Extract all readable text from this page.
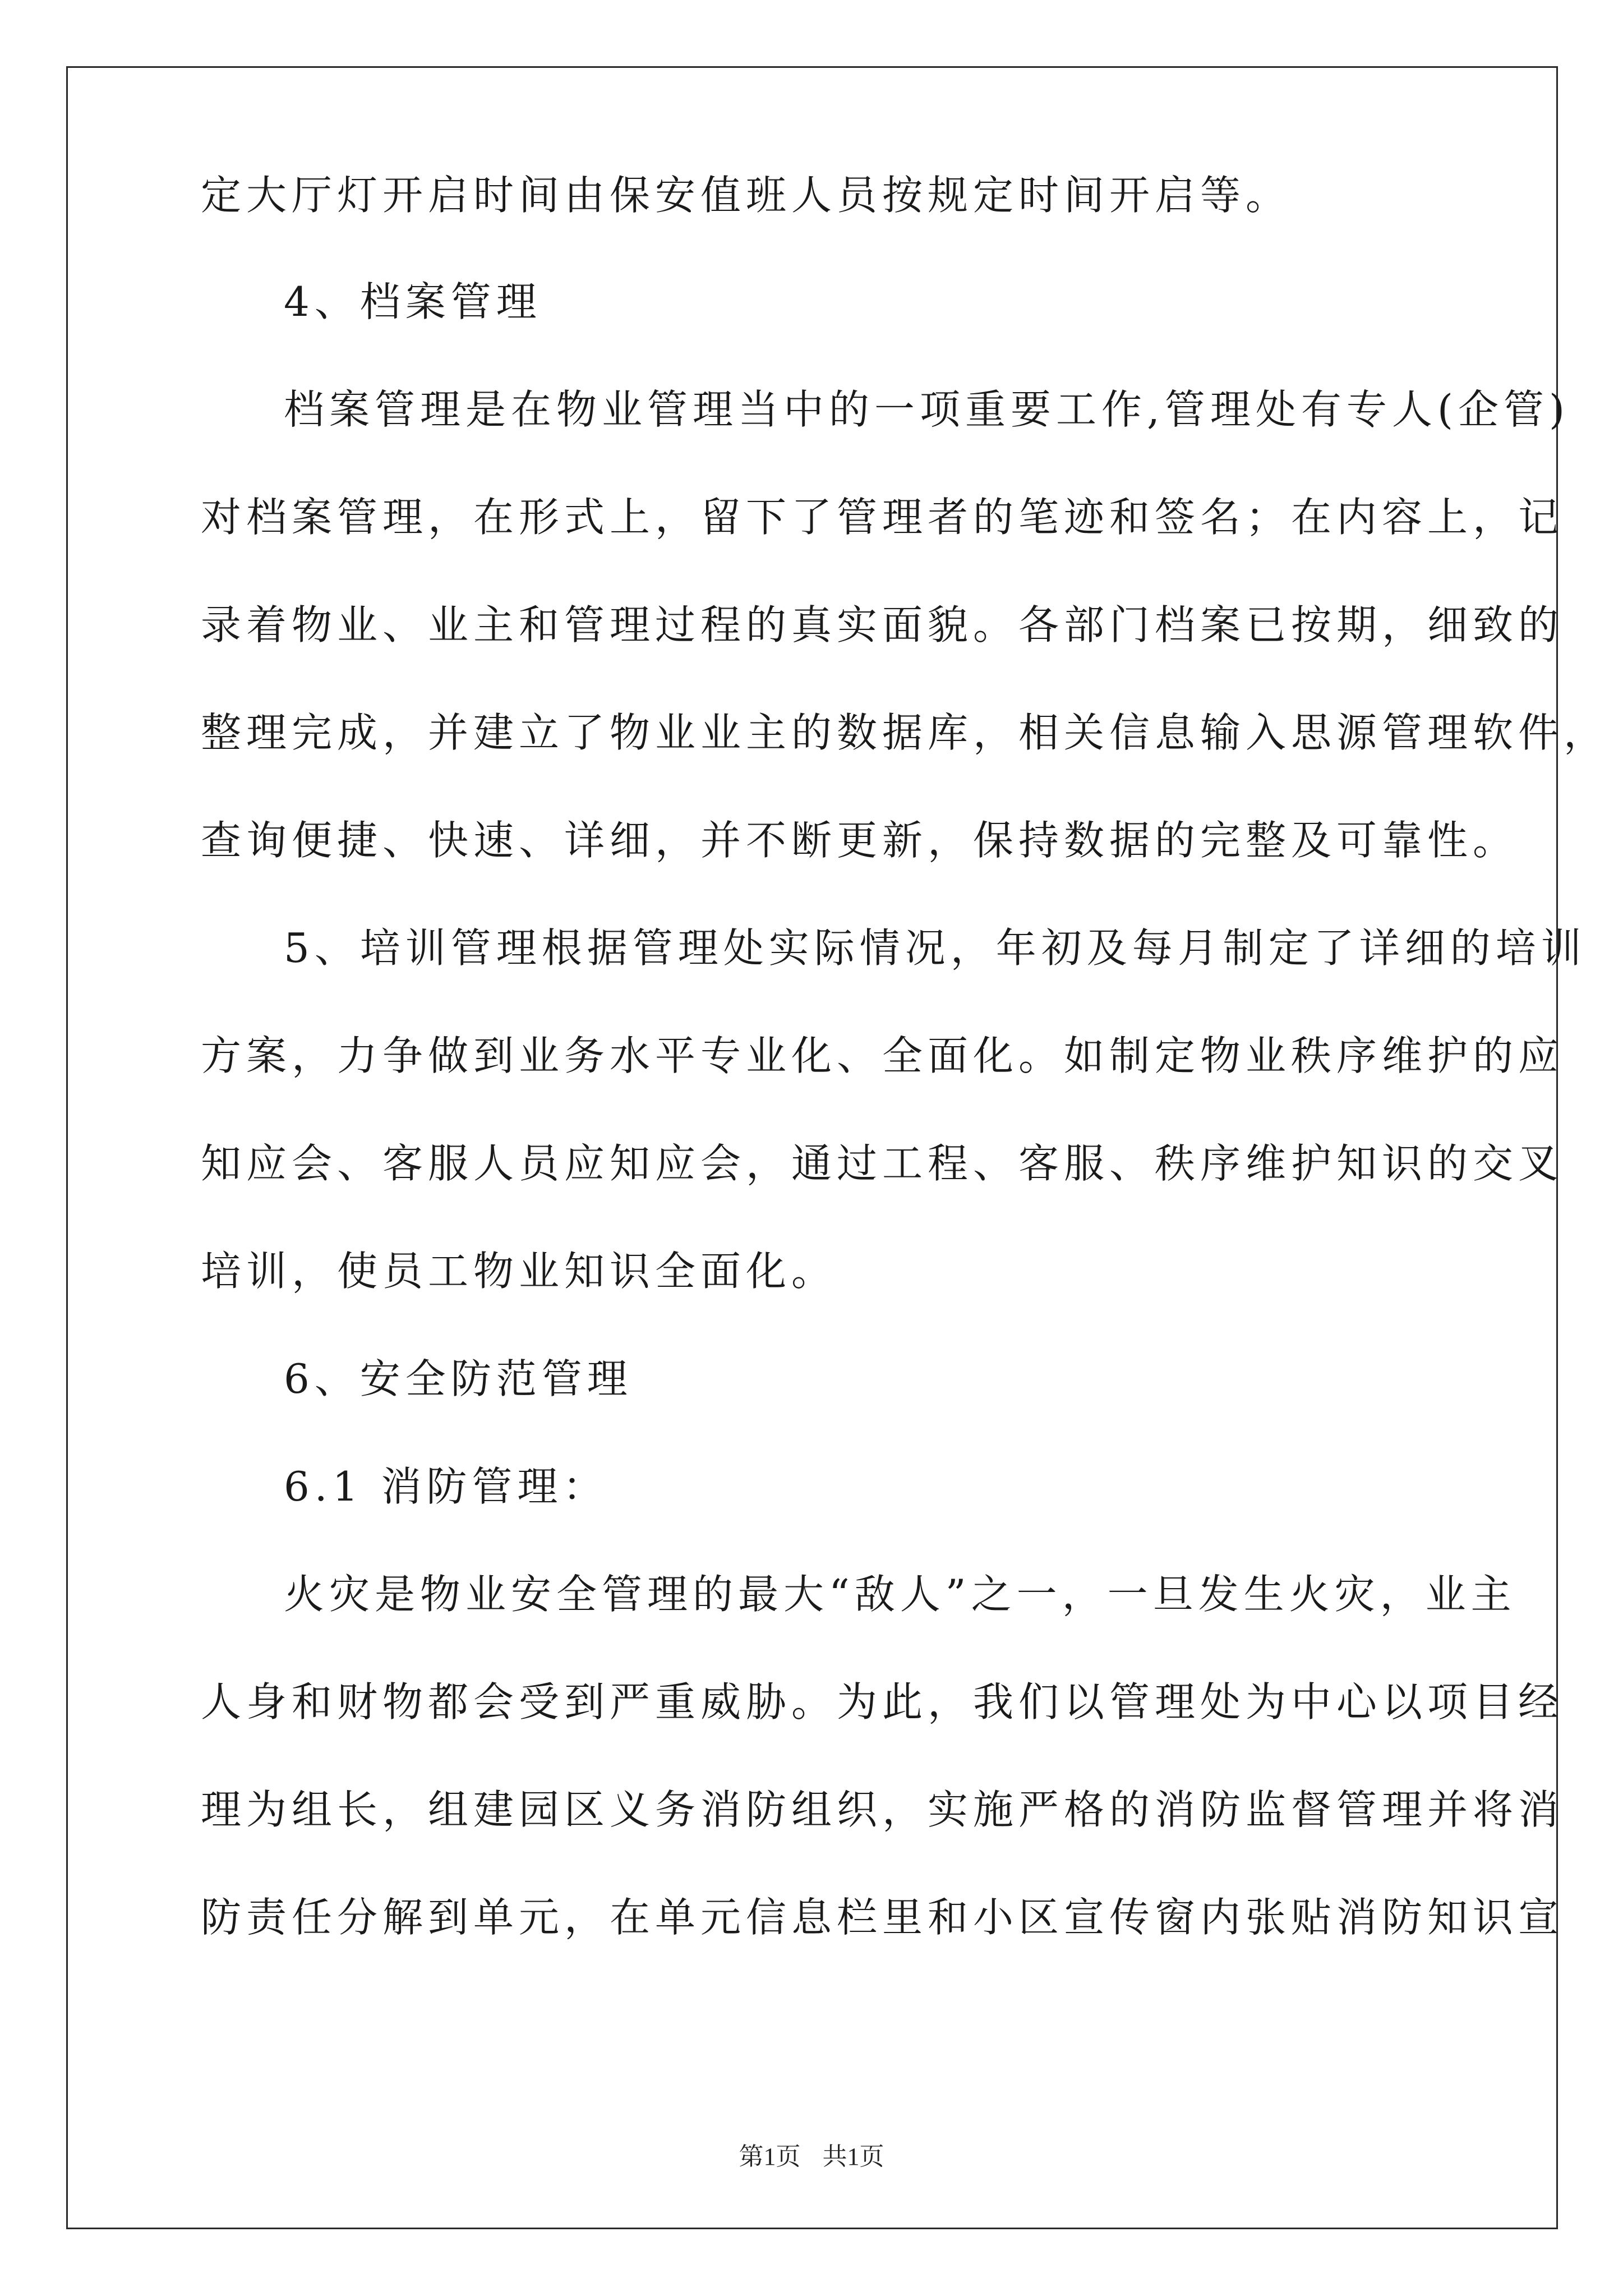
定大厅灯开启时间由保安值班人员按规定时间开启等。
4、档案管理
档案管理是在物业管理当中的一项重要工作,管理处有专人(企管)
对档案管理，在形式上，留下了管理者的笔迹和签名；在内容上，记
录着物业、业主和管理过程的真实面貌。各部门档案已按期，细致的
整理完成，并建立了物业业主的数据库，相关信息输入思源管理软件，
查询便捷、快速、详细，并不断更新，保持数据的完整及可靠性。
5、培训管理根据管理处实际情况，年初及每月制定了详细的培训
方案，力争做到业务水平专业化、全面化。如制定物业秩序维护的应
知应会、客服人员应知应会，通过工程、客服、秩序维护知识的交叉
培训，使员工物业知识全面化。
6、安全防范管理
6.1 消防管理：
火灾是物业安全管理的最大“敌人”之一，一旦发生火灾，业主
人身和财物都会受到严重威胁。为此，我们以管理处为中心以项目经
理为组长，组建园区义务消防组织，实施严格的消防监督管理并将消
防责任分解到单元，在单元信息栏里和小区宣传窗内张贴消防知识宣
第1页 共1页
